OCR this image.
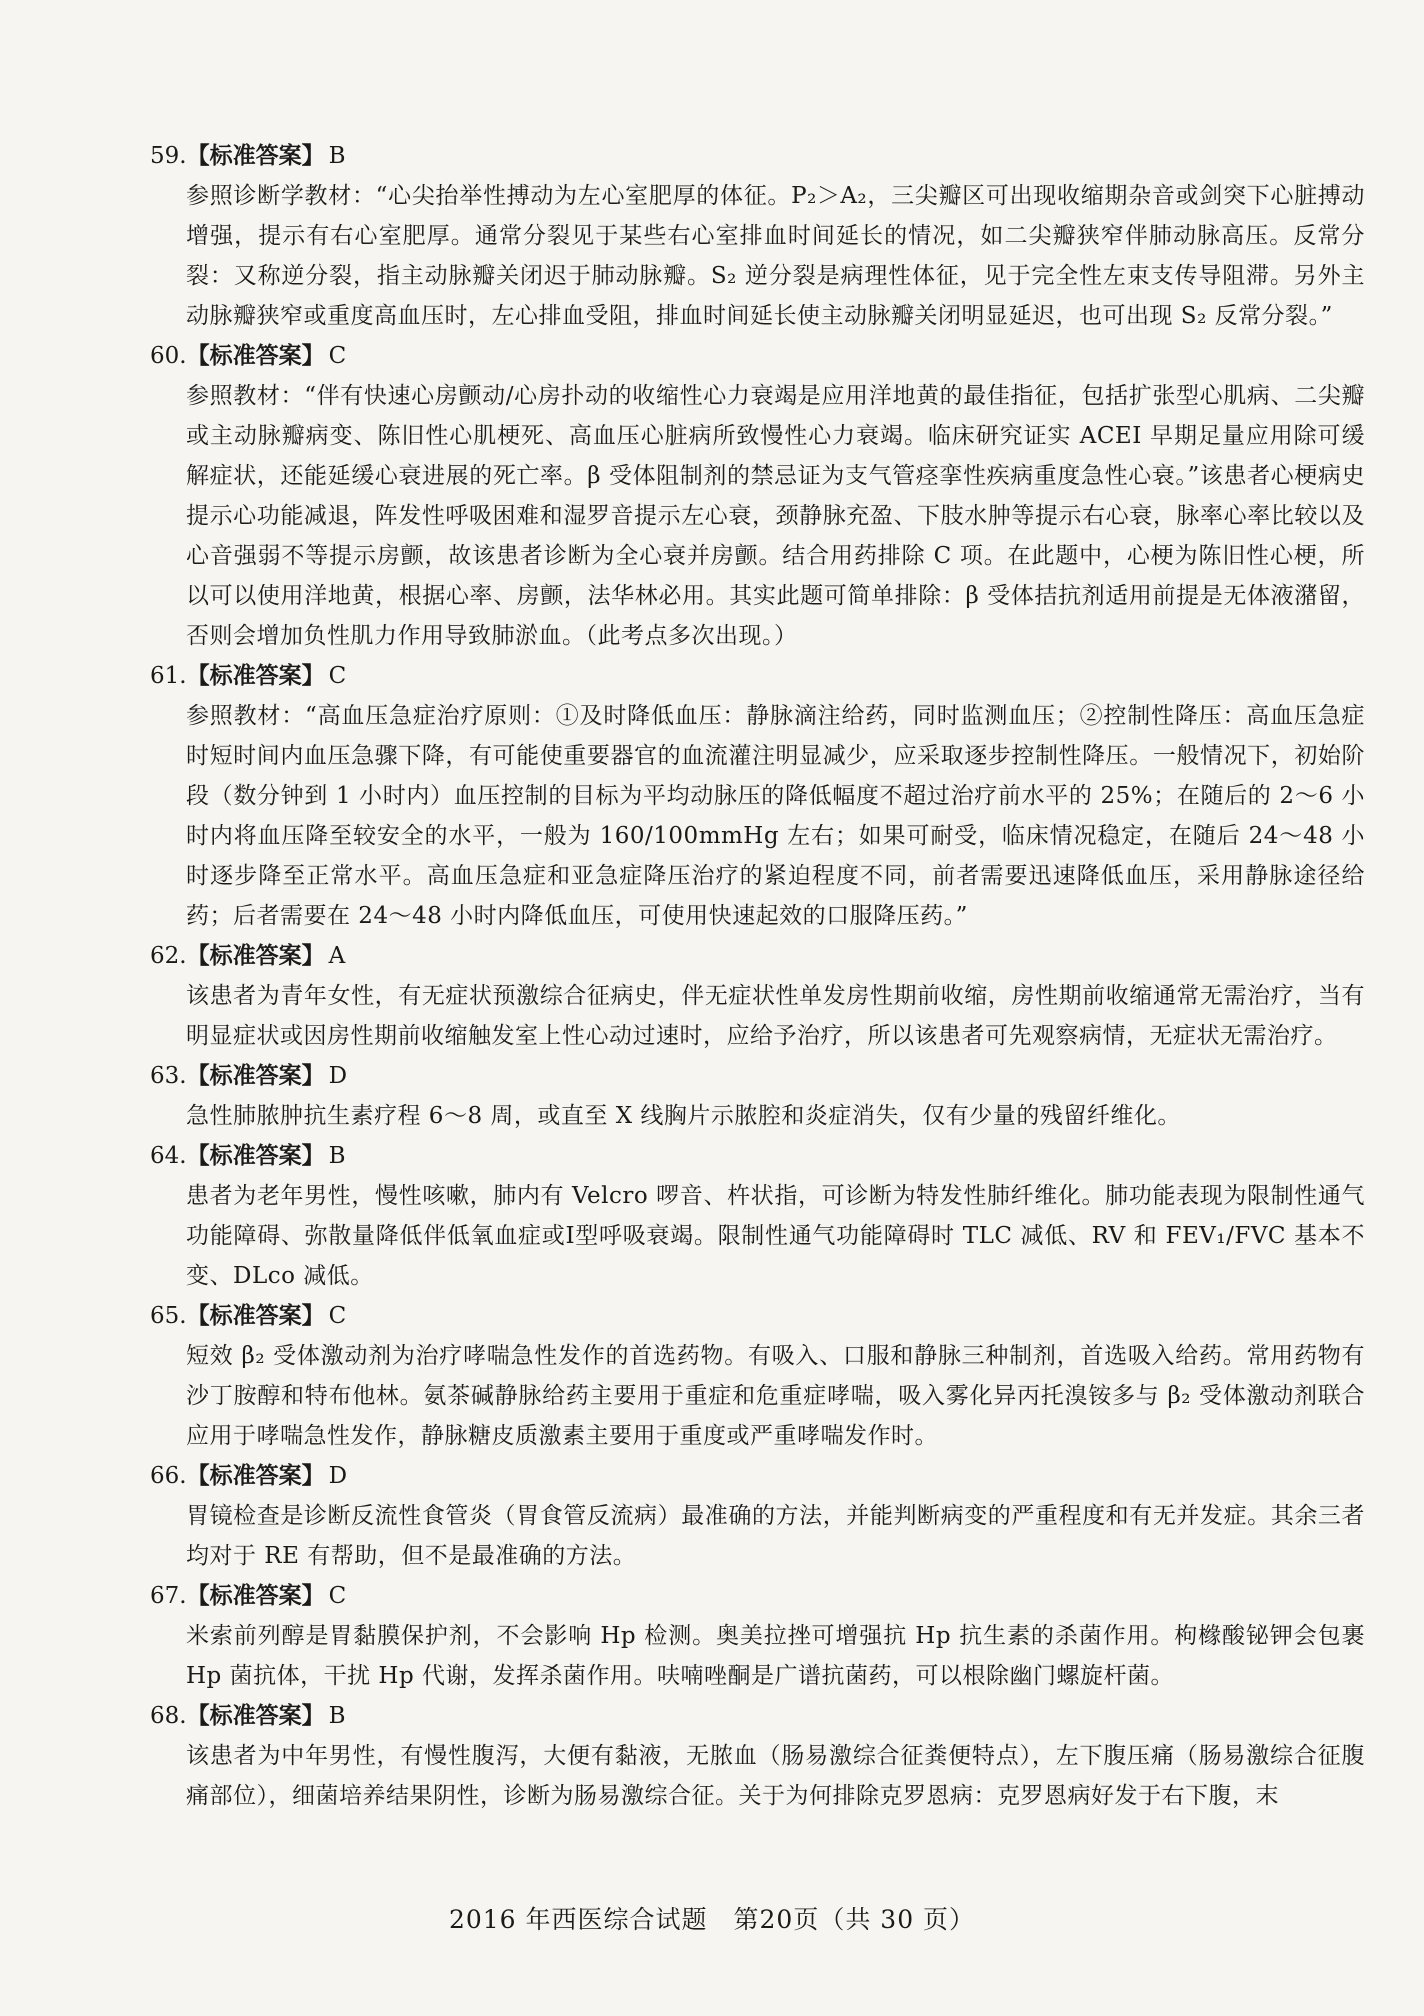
59.【标准答案】 B

参照诊断学教材：“心尖抬举性搏动为左心室肥厚的体征。P₂＞A₂，三尖瓣区可出现收缩期杂音或剑突下心脏搏动增强，提示有右心室肥厚。通常分裂见于某些右心室排血时间延长的情况，如二尖瓣狭窄伴肺动脉高压。反常分裂：又称逆分裂，指主动脉瓣关闭迟于肺动脉瓣。S₂ 逆分裂是病理性体征，见于完全性左束支传导阻滞。另外主动脉瓣狭窄或重度高血压时，左心排血受阻，排血时间延长使主动脉瓣关闭明显延迟，也可出现 S₂ 反常分裂。”

60.【标准答案】 C

参照教材：“伴有快速心房颤动/心房扑动的收缩性心力衰竭是应用洋地黄的最佳指征，包括扩张型心肌病、二尖瓣或主动脉瓣病变、陈旧性心肌梗死、高血压心脏病所致慢性心力衰竭。临床研究证实 ACEI 早期足量应用除可缓解症状，还能延缓心衰进展的死亡率。β 受体阻制剂的禁忌证为支气管痉挛性疾病重度急性心衰。”该患者心梗病史提示心功能减退，阵发性呼吸困难和湿罗音提示左心衰，颈静脉充盈、下肢水肿等提示右心衰，脉率心率比较以及心音强弱不等提示房颤，故该患者诊断为全心衰并房颤。结合用药排除 C 项。在此题中，心梗为陈旧性心梗，所以可以使用洋地黄，根据心率、房颤，法华林必用。其实此题可简单排除：β 受体拮抗剂适用前提是无体液潴留，否则会增加负性肌力作用导致肺淤血。（此考点多次出现。）

61.【标准答案】 C

参照教材：“高血压急症治疗原则：①及时降低血压：静脉滴注给药，同时监测血压；②控制性降压：高血压急症时短时间内血压急骤下降，有可能使重要器官的血流灌注明显减少，应采取逐步控制性降压。一般情况下，初始阶段（数分钟到 1 小时内）血压控制的目标为平均动脉压的降低幅度不超过治疗前水平的 25%；在随后的 2～6 小时内将血压降至较安全的水平，一般为 160/100mmHg 左右；如果可耐受，临床情况稳定，在随后 24～48 小时逐步降至正常水平。高血压急症和亚急症降压治疗的紧迫程度不同，前者需要迅速降低血压，采用静脉途径给药；后者需要在 24～48 小时内降低血压，可使用快速起效的口服降压药。”

62.【标准答案】 A

该患者为青年女性，有无症状预激综合征病史，伴无症状性单发房性期前收缩，房性期前收缩通常无需治疗，当有明显症状或因房性期前收缩触发室上性心动过速时，应给予治疗，所以该患者可先观察病情，无症状无需治疗。

63.【标准答案】 D

急性肺脓肿抗生素疗程 6～8 周，或直至 X 线胸片示脓腔和炎症消失，仅有少量的残留纤维化。

64.【标准答案】 B

患者为老年男性，慢性咳嗽，肺内有 Velcro 啰音、杵状指，可诊断为特发性肺纤维化。肺功能表现为限制性通气功能障碍、弥散量降低伴低氧血症或Ⅰ型呼吸衰竭。限制性通气功能障碍时 TLC 减低、RV 和 FEV₁/FVC 基本不变、DLco 减低。

65.【标准答案】 C

短效 β₂ 受体激动剂为治疗哮喘急性发作的首选药物。有吸入、口服和静脉三种制剂，首选吸入给药。常用药物有沙丁胺醇和特布他林。氨茶碱静脉给药主要用于重症和危重症哮喘，吸入雾化异丙托溴铵多与 β₂ 受体激动剂联合应用于哮喘急性发作，静脉糖皮质激素主要用于重度或严重哮喘发作时。

66.【标准答案】 D

胃镜检查是诊断反流性食管炎（胃食管反流病）最准确的方法，并能判断病变的严重程度和有无并发症。其余三者均对于 RE 有帮助，但不是最准确的方法。

67.【标准答案】 C

米索前列醇是胃黏膜保护剂，不会影响 Hp 检测。奥美拉挫可增强抗 Hp 抗生素的杀菌作用。枸橼酸铋钾会包裹 Hp 菌抗体，干扰 Hp 代谢，发挥杀菌作用。呋喃唑酮是广谱抗菌药，可以根除幽门螺旋杆菌。

68.【标准答案】 B

该患者为中年男性，有慢性腹泻，大便有黏液，无脓血（肠易激综合征粪便特点），左下腹压痛（肠易激综合征腹痛部位），细菌培养结果阴性，诊断为肠易激综合征。关于为何排除克罗恩病：克罗恩病好发于右下腹，末

2016 年西医综合试题　第20页（共 30 页）
